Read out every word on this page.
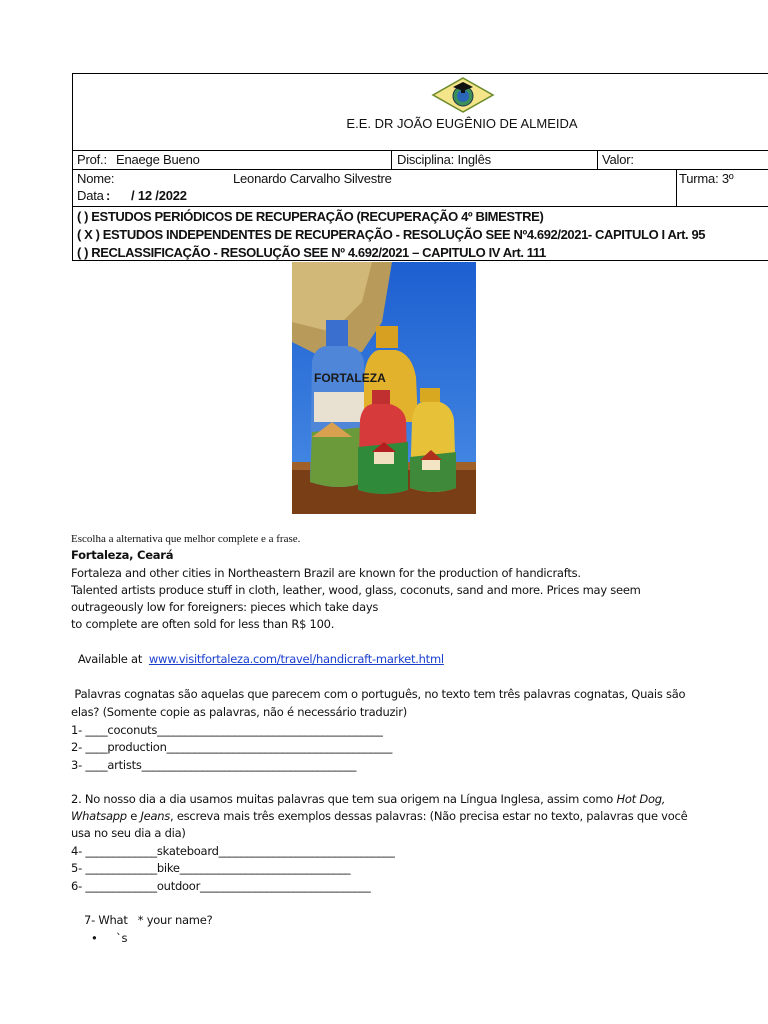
E.E. DR JOÃO EUGÊNIO DE ALMEIDA
Prof.: Enaege Bueno	Disciplina: Inglês	Valor:
Nome:	Leonardo Carvalho Silvestre	Turma: 3º
Data : / 12 /2022
( ) ESTUDOS PERIÓDICOS DE RECUPERAÇÃO (RECUPERAÇÃO 4º BIMESTRE)
( X ) ESTUDOS INDEPENDENTES DE RECUPERAÇÃO - RESOLUÇÃO SEE Nº4.692/2021- CAPITULO I Art. 95
( ) RECLASSIFICAÇÃO - RESOLUÇÃO SEE Nº 4.692/2021 – CAPITULO IV Art. 111
FORTALEZA
Escolha a alternativa que melhor complete e a frase.
Fortaleza, Ceará
Fortaleza and other cities in Northeastern Brazil are known for the production of handicrafts.
Talented artists produce stuff in cloth, leather, wood, glass, coconuts, sand and more. Prices may seem
outrageously low for foreigners: pieces which take days
to complete are often sold for less than R$ 100.

Available at www.visitfortaleza.com/travel/handicraft-market.html

Palavras cognatas são aquelas que parecem com o português, no texto tem três palavras cognatas, Quais são
elas? (Somente copie as palavras, não é necessário traduzir)
1- ____coconuts_________________________________________
2- ____production_________________________________________
3- ____artists_______________________________________
2. No nosso dia a dia usamos muitas palavras que tem sua origem na Língua Inglesa, assim como Hot Dog,
Whatsapp e Jeans, escreva mais três exemplos dessas palavras: (Não precisa estar no texto, palavras que você
usa no seu dia a dia)
4- _____________skateboard________________________________
5- _____________bike_______________________________
6- _____________outdoor_______________________________
7- What   * your name?
• `s
